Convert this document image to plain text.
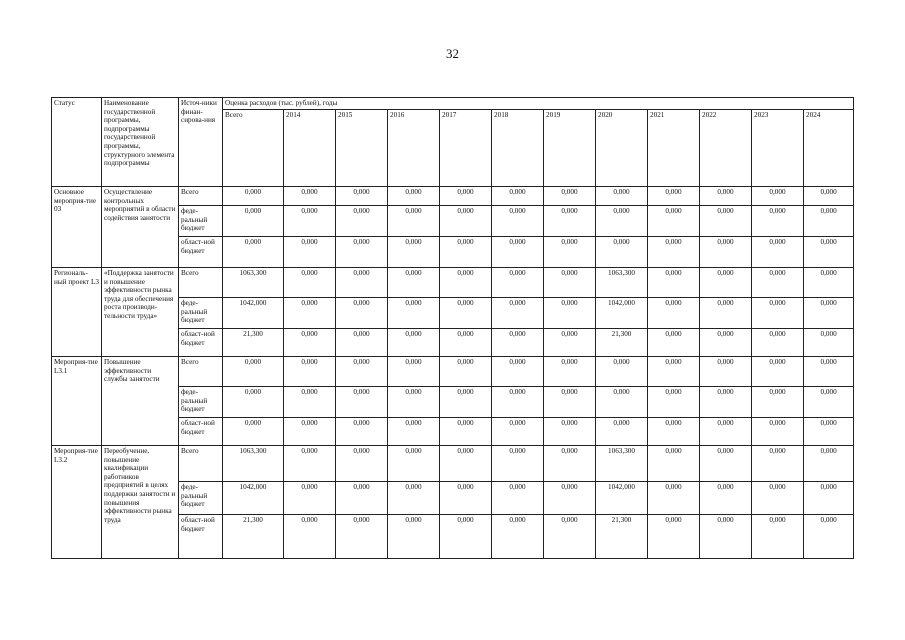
32
Статус	Наименование государственной программы, подпрограммы государственной программы, структурного элемента подпрограммы	Источ-ники финан-сирова-ния	Оценка расходов (тыс. рублей), годы											
			Всего	2014	2015	2016	2017	2018	2019	2020	2021	2022	2023	2024
Основное мероприя-тие 03	Осуществление контрольных мероприятий в области содействия занятости	Всего	0,000	0,000	0,000	0,000	0,000	0,000	0,000	0,000	0,000	0,000	0,000	0,000
		феде-ральный бюджет	0,000	0,000	0,000	0,000	0,000	0,000	0,000	0,000	0,000	0,000	0,000	0,000
		област-ной бюджет	0,000	0,000	0,000	0,000	0,000	0,000	0,000	0,000	0,000	0,000	0,000	0,000
Региональ-ный проект L3	«Поддержка занятости и повышение эффективности рынка труда для обеспечения роста производи-тельности труда»	Всего	1063,300	0,000	0,000	0,000	0,000	0,000	0,000	1063,300	0,000	0,000	0,000	0,000
		феде-ральный бюджет	1042,000	0,000	0,000	0,000	0,000	0,000	0,000	1042,000	0,000	0,000	0,000	0,000
		област-ной бюджет	21,300	0,000	0,000	0,000	0,000	0,000	0,000	21,300	0,000	0,000	0,000	0,000
Мероприя-тие L3.1	Повышение эффективности службы занятости	Всего	0,000	0,000	0,000	0,000	0,000	0,000	0,000	0,000	0,000	0,000	0,000	0,000
		феде-ральный бюджет	0,000	0,000	0,000	0,000	0,000	0,000	0,000	0,000	0,000	0,000	0,000	0,000
		област-ной бюджет	0,000	0,000	0,000	0,000	0,000	0,000	0,000	0,000	0,000	0,000	0,000	0,000
Мероприя-тие L3.2	Переобучение, повышение квалификации работников предприятий в целях поддержки занятости и повышения эффективности рынка труда	Всего	1063,300	0,000	0,000	0,000	0,000	0,000	0,000	1063,300	0,000	0,000	0,000	0,000
		феде-ральный бюджет	1042,000	0,000	0,000	0,000	0,000	0,000	0,000	1042,000	0,000	0,000	0,000	0,000
		област-ной бюджет	21,300	0,000	0,000	0,000	0,000	0,000	0,000	21,300	0,000	0,000	0,000	0,000
